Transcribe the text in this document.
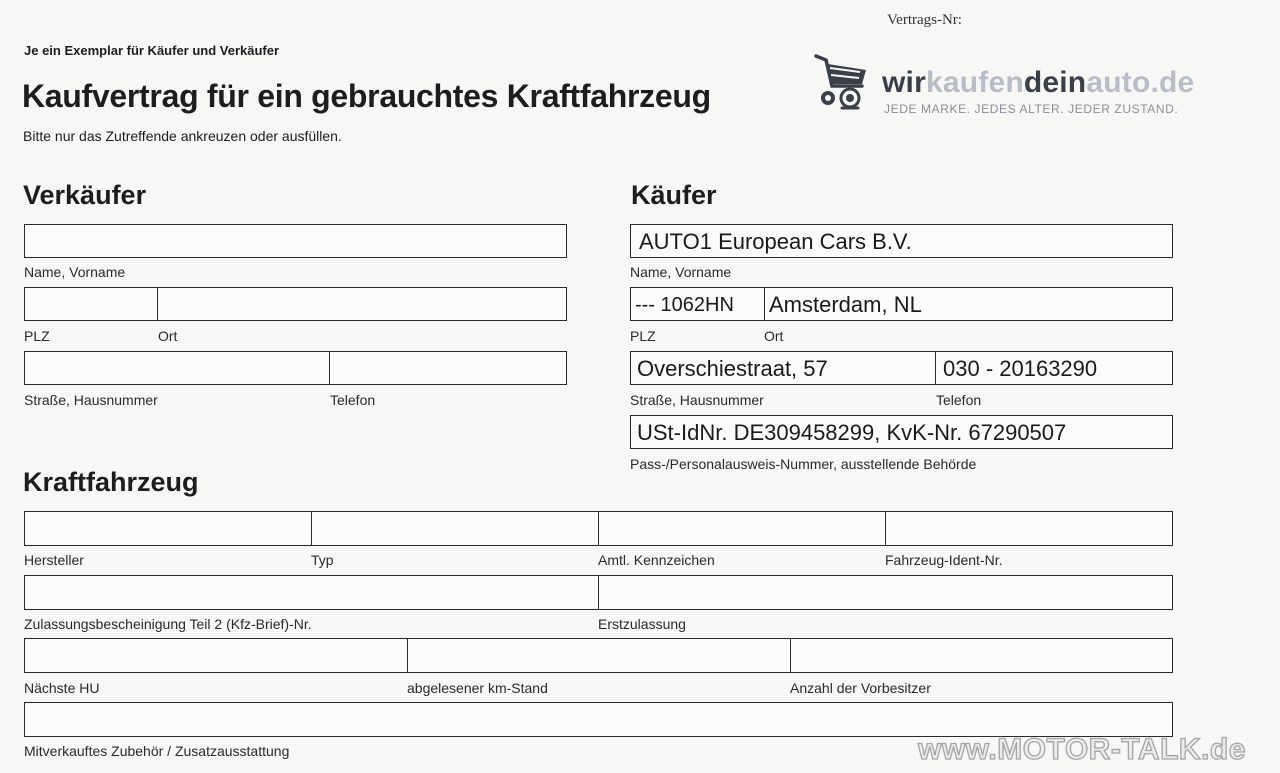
Je ein Exemplar für Käufer und Verkäufer
Kaufvertrag für ein gebrauchtes Kraftfahrzeug
Bitte nur das Zutreffende ankreuzen oder ausfüllen.
Vertrags-Nr:
wirkaufendeinauto.de
JEDE MARKE. JEDES ALTER. JEDER ZUSTAND.
Verkäufer
Name, Vorname
PLZ	Ort
Straße, Hausnummer	Telefon
Käufer
AUTO1 European Cars B.V.
Name, Vorname
--- 1062HN Amsterdam, NL
PLZ	Ort
Overschiestraat, 57	030 - 20163290
Straße, Hausnummer	Telefon
USt-IdNr. DE309458299, KvK-Nr. 67290507
Pass-/Personalausweis-Nummer, ausstellende Behörde
Kraftfahrzeug
Hersteller	Typ	Amtl. Kennzeichen	Fahrzeug-Ident-Nr.
Zulassungsbescheinigung Teil 2 (Kfz-Brief)-Nr.	Erstzulassung
Nächste HU	abgelesener km-Stand	Anzahl der Vorbesitzer
Mitverkauftes Zubehör / Zusatzausstattung	www.MOTOR-TALK.de
